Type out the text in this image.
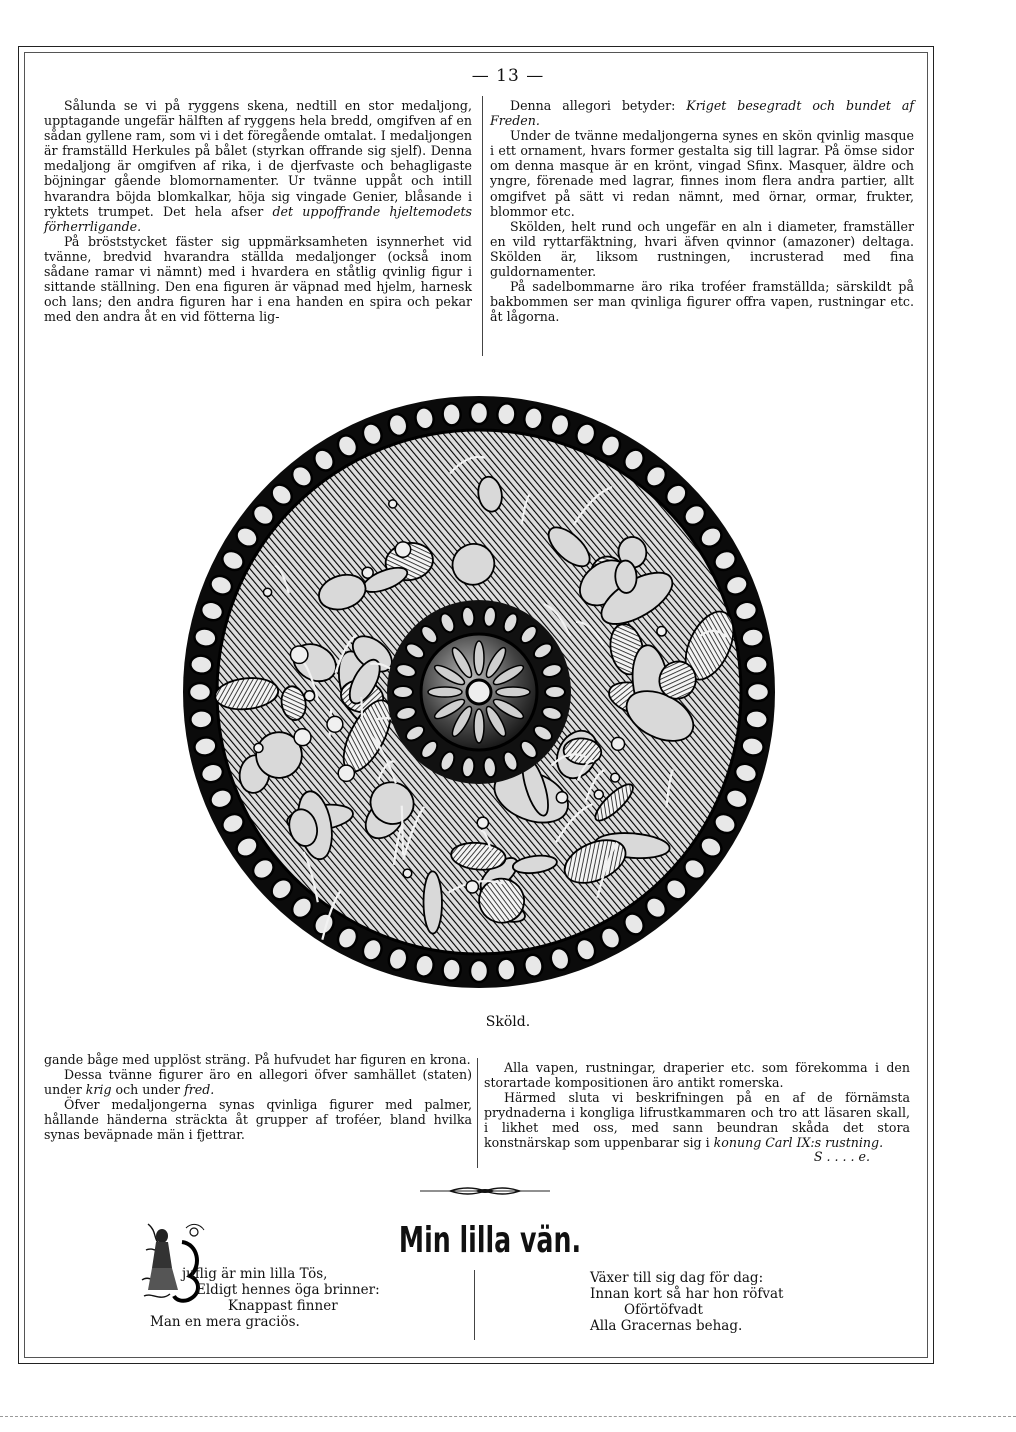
— 13 —

Sålunda se vi på ryggens skena, nedtill en stor medaljong, upptagande ungefär hälften af ryggens hela bredd, omgifven af en sådan gyllene ram, som vi i det föregående omtalat. I medaljongen är framställd Herkules på bålet (styrkan offrande sig sjelf). Denna medaljong är omgifven af rika, i de djerfvaste och behagligaste böjningar gående blomornamenter. Ur tvänne uppåt och intill hvarandra böjda blomkalkar, höja sig vingade Genier, blåsande i ryktets trumpet. Det hela afser det uppoffrande hjeltemodets förherrligande.

På bröststycket fäster sig uppmärksamheten isynnerhet vid tvänne, bredvid hvarandra ställda medaljonger (också inom sådane ramar vi nämnt) med i hvardera en ståtlig qvinlig figur i sittande ställning. Den ena figuren är väpnad med hjelm, harnesk och lans; den andra figuren har i ena handen en spira och pekar med den andra åt en vid fötterna lig-

Denna allegori betyder: Kriget besegradt och bundet af Freden.

Under de tvänne medaljongerna synes en skön qvinlig masque i ett ornament, hvars former gestalta sig till lagrar. På ömse sidor om denna masque är en krönt, vingad Sfinx. Masquer, äldre och yngre, förenade med lagrar, finnes inom flera andra partier, allt omgifvet på sätt vi redan nämnt, med örnar, ormar, frukter, blommor etc.

Skölden, helt rund och ungefär en aln i diameter, framställer en vild ryttarfäktning, hvari äfven qvinnor (amazoner) deltaga. Skölden är, liksom rustningen, incrusterad med fina guldornamenter.

På sadelbommarne äro rika troféer framställda; särskildt på bakbommen ser man qvinliga figurer offra vapen, rustningar etc. åt lågorna.

Sköld.

gande båge med upplöst sträng. På hufvudet har figuren en krona.

Dessa tvänne figurer äro en allegori öfver samhället (staten) under krig och under fred.

Öfver medaljongerna synas qvinliga figurer med palmer, hållande händerna sträckta åt grupper af troféer, bland hvilka synas beväpnade män i fjettrar.

Alla vapen, rustningar, draperier etc. som förekomma i den storartade kompositionen äro antikt romerska.

Härmed sluta vi beskrifningen på en af de förnämsta prydnaderna i kongliga lifrustkammaren och tro att läsaren skall, i likhet med oss, med sann beundran skåda det stora konstnärskap som uppenbarar sig i konung Carl IX:s rustning.
S . . . . e.

Min lilla vän.
juflig är min lilla Tös,
Eldigt hennes öga brinner:
Knappast finner
Man en mera graciös.
Växer till sig dag för dag:
Innan kort så har hon röfvat
Oförtöfvadt
Alla Gracernas behag.
